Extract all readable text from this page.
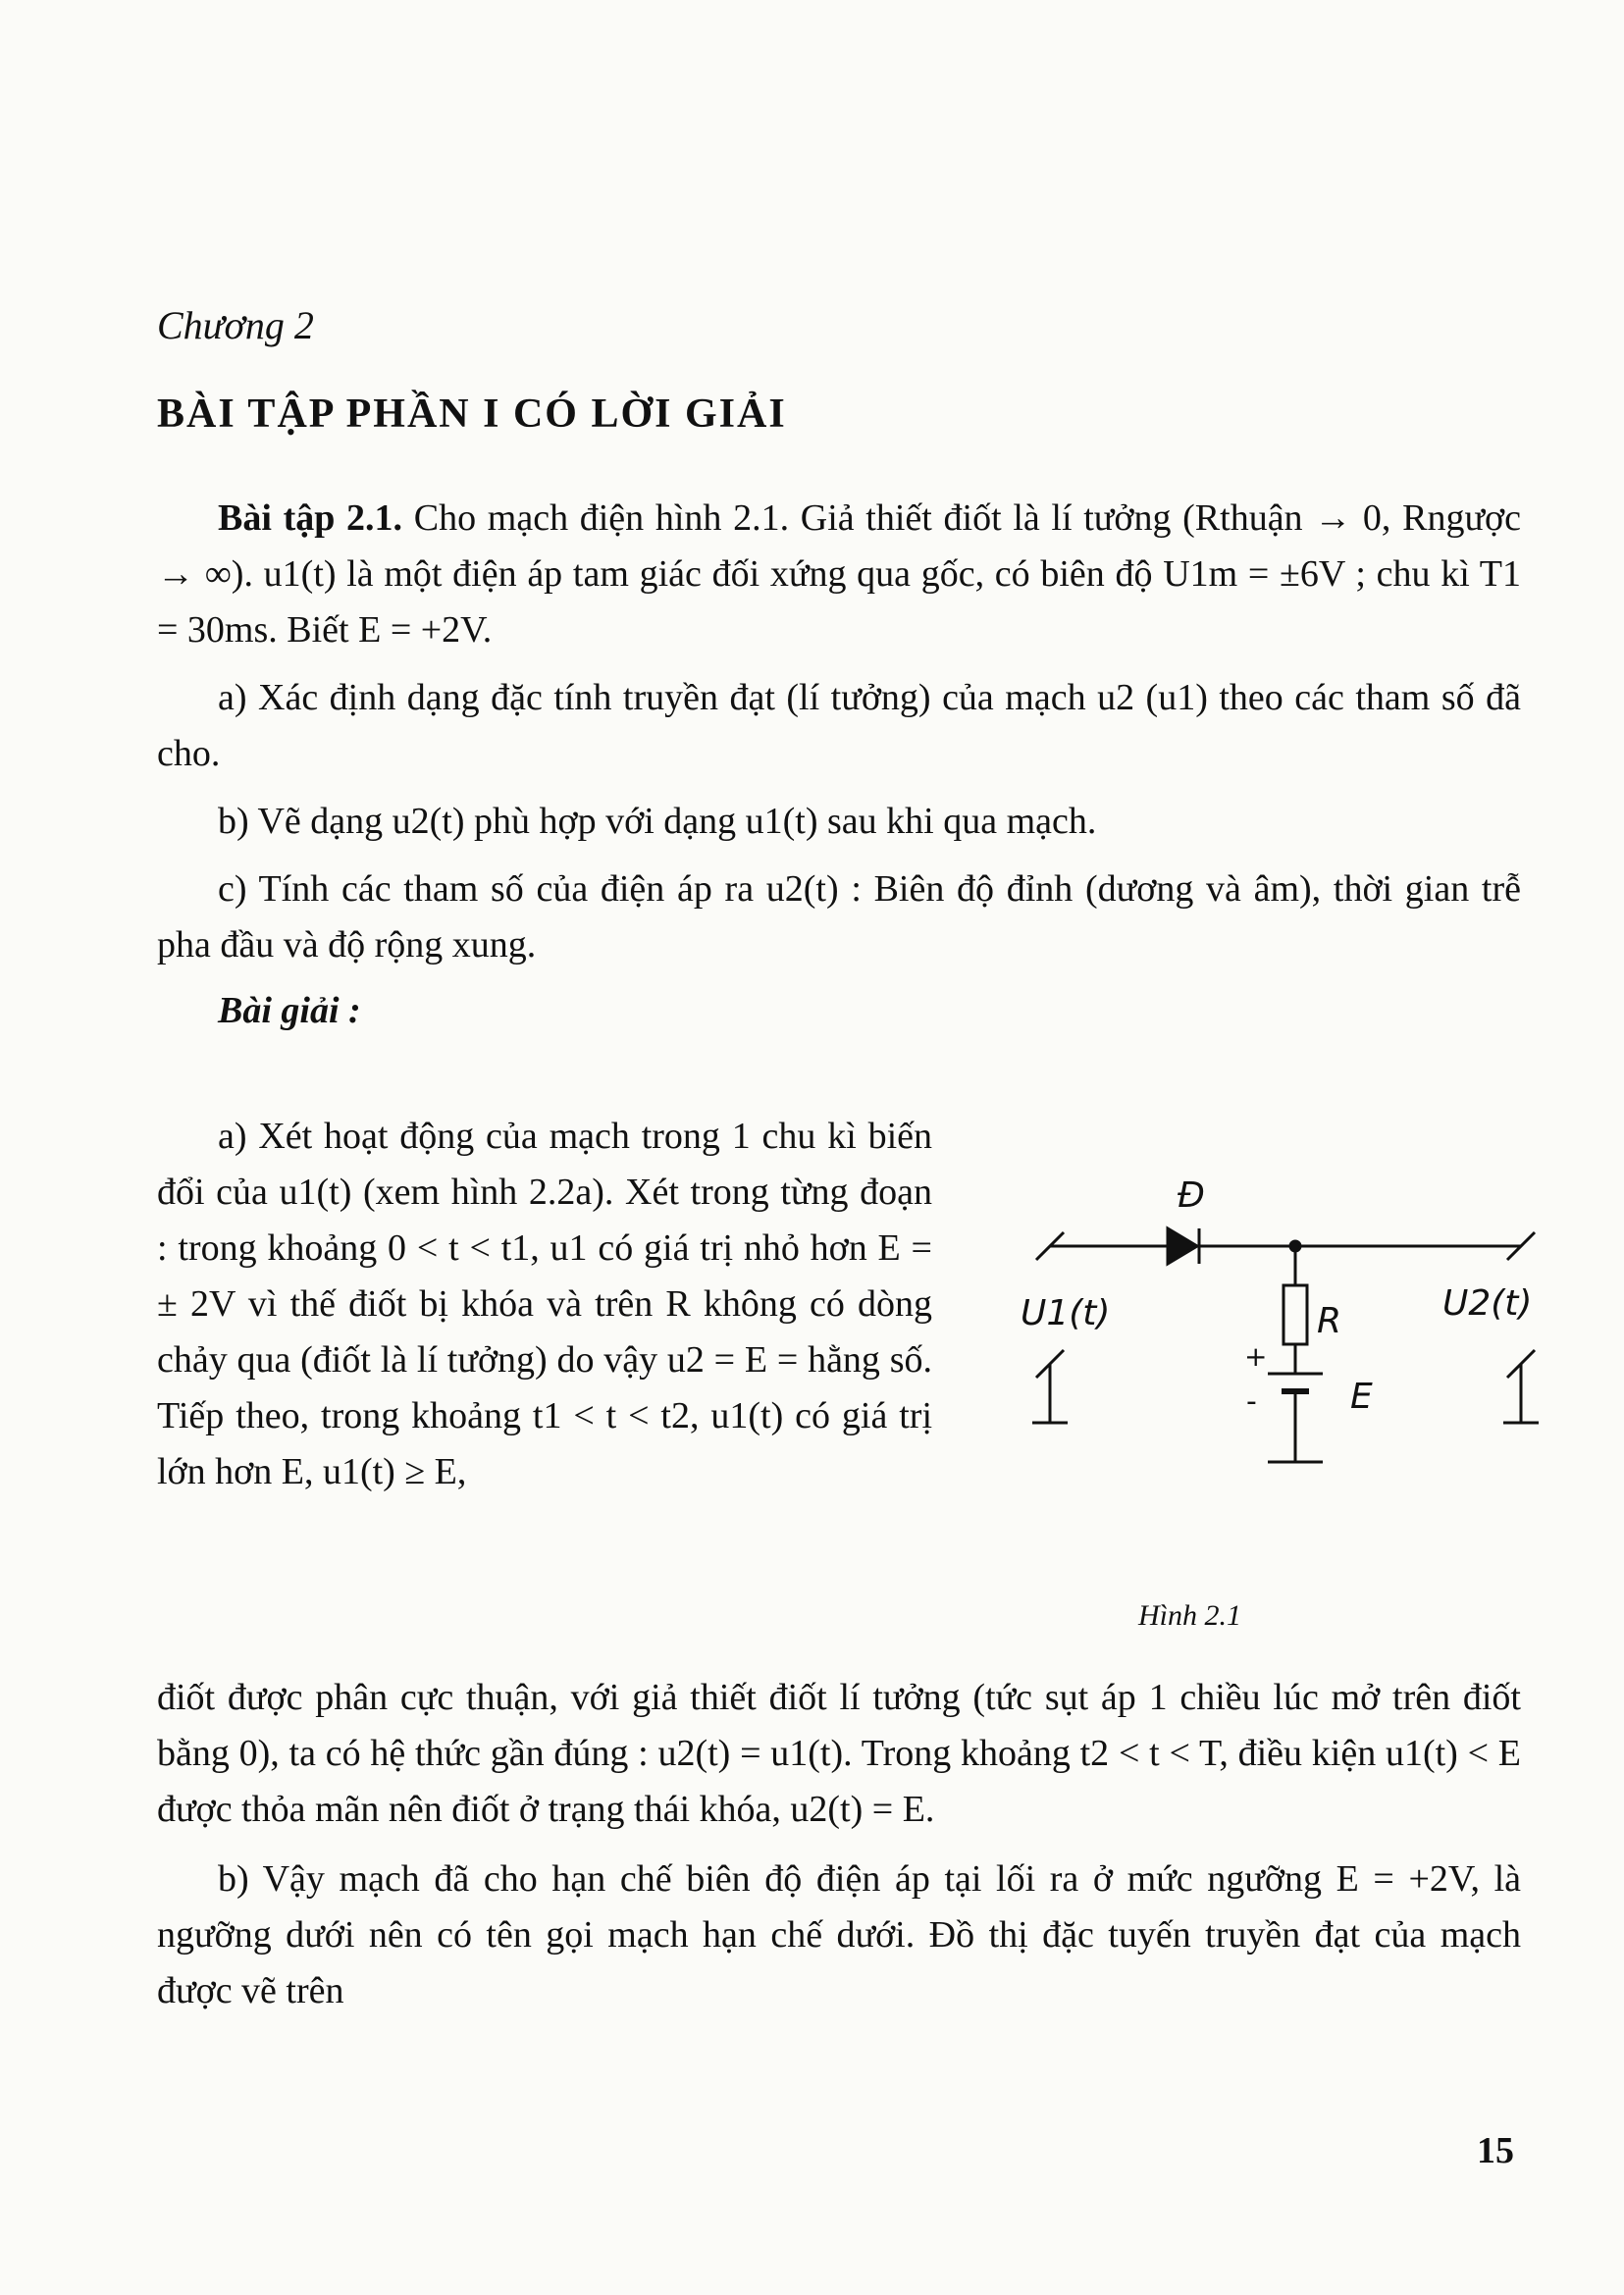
Chương 2
BÀI TẬP PHẦN I CÓ LỜI GIẢI

Bài tập 2.1. Cho mạch điện hình 2.1. Giả thiết điốt là lí tưởng (Rthuận → 0, Rngược → ∞). u1(t) là một điện áp tam giác đối xứng qua gốc, có biên độ U1m = ±6V ; chu kì T1 = 30ms. Biết E = +2V.

a) Xác định dạng đặc tính truyền đạt (lí tưởng) của mạch u2 (u1) theo các tham số đã cho.

b) Vẽ dạng u2(t) phù hợp với dạng u1(t) sau khi qua mạch.

c) Tính các tham số của điện áp ra u2(t) : Biên độ đỉnh (dương và âm), thời gian trễ pha đầu và độ rộng xung.

Bài giải :

a) Xét hoạt động của mạch trong 1 chu kì biến đổi của u1(t) (xem hình 2.2a). Xét trong từng đoạn : trong khoảng 0 < t < t1, u1 có giá trị nhỏ hơn E = ± 2V vì thế điốt bị khóa và trên R không có dòng chảy qua (điốt là lí tưởng) do vậy u2 = E = hằng số. Tiếp theo, trong khoảng t1 < t < t2, u1(t) có giá trị lớn hơn E, u1(t) ≥ E,

điốt được phân cực thuận, với giả thiết điốt lí tưởng (tức sụt áp 1 chiều lúc mở trên điốt bằng 0), ta có hệ thức gần đúng : u2(t) = u1(t). Trong khoảng t2 < t < T, điều kiện u1(t) < E được thỏa mãn nên điốt ở trạng thái khóa, u2(t) = E.

b) Vậy mạch đã cho hạn chế biên độ điện áp tại lối ra ở mức ngưỡng E = +2V, là ngưỡng dưới nên có tên gọi mạch hạn chế dưới. Đồ thị đặc tuyến truyền đạt của mạch được vẽ trên

Đ
U1(t)	U2(t)
R
E
+
-
Hình 2.1
15
